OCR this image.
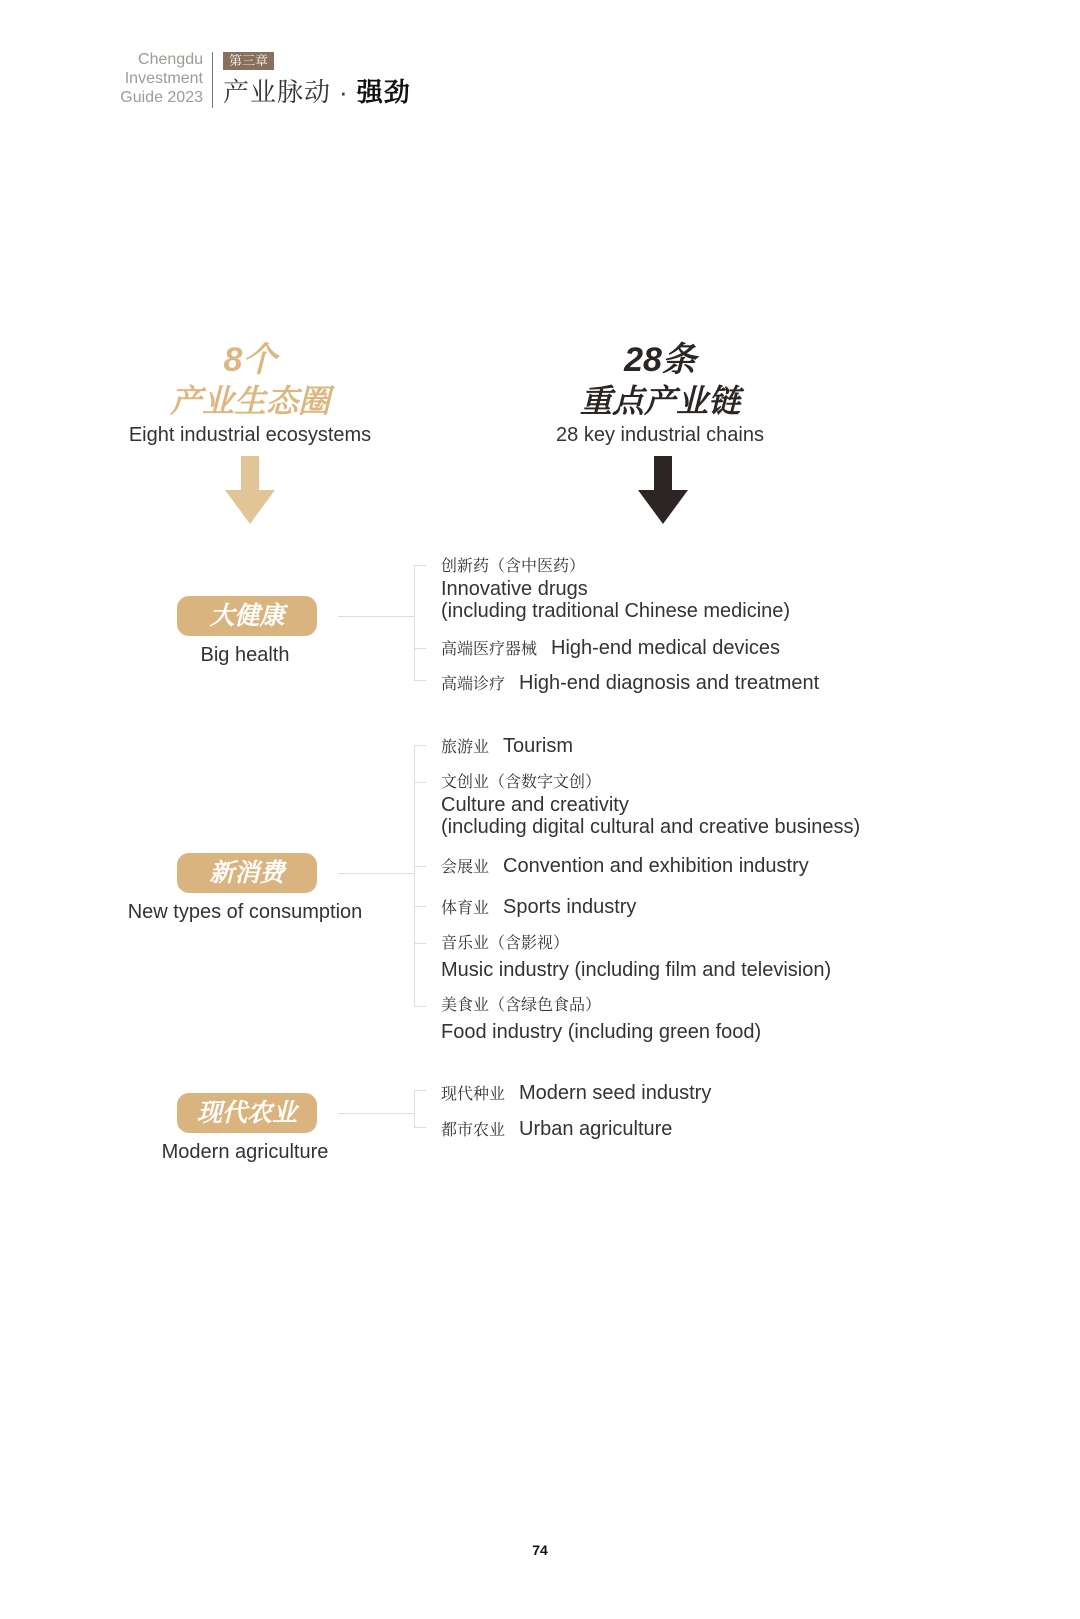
Chengdu
Investment
Guide 2023
第三章
产业脉动 · 强劲
8个
产业生态圈
Eight industrial ecosystems
28条
重点产业链
28 key industrial chains
大健康
Big health
创新药（含中医药）
Innovative drugs
(including traditional Chinese medicine)
高端医疗器械 High-end medical devices
高端诊疗 High-end diagnosis and treatment
新消费
New types of consumption
旅游业 Tourism
文创业（含数字文创）
Culture and creativity
(including digital cultural and creative business)
会展业 Convention and exhibition industry
体育业 Sports industry
音乐业（含影视）
Music industry (including film and television)
美食业（含绿色食品）
Food industry (including green food)
现代农业
Modern agriculture
现代种业 Modern seed industry
都市农业 Urban agriculture
74
